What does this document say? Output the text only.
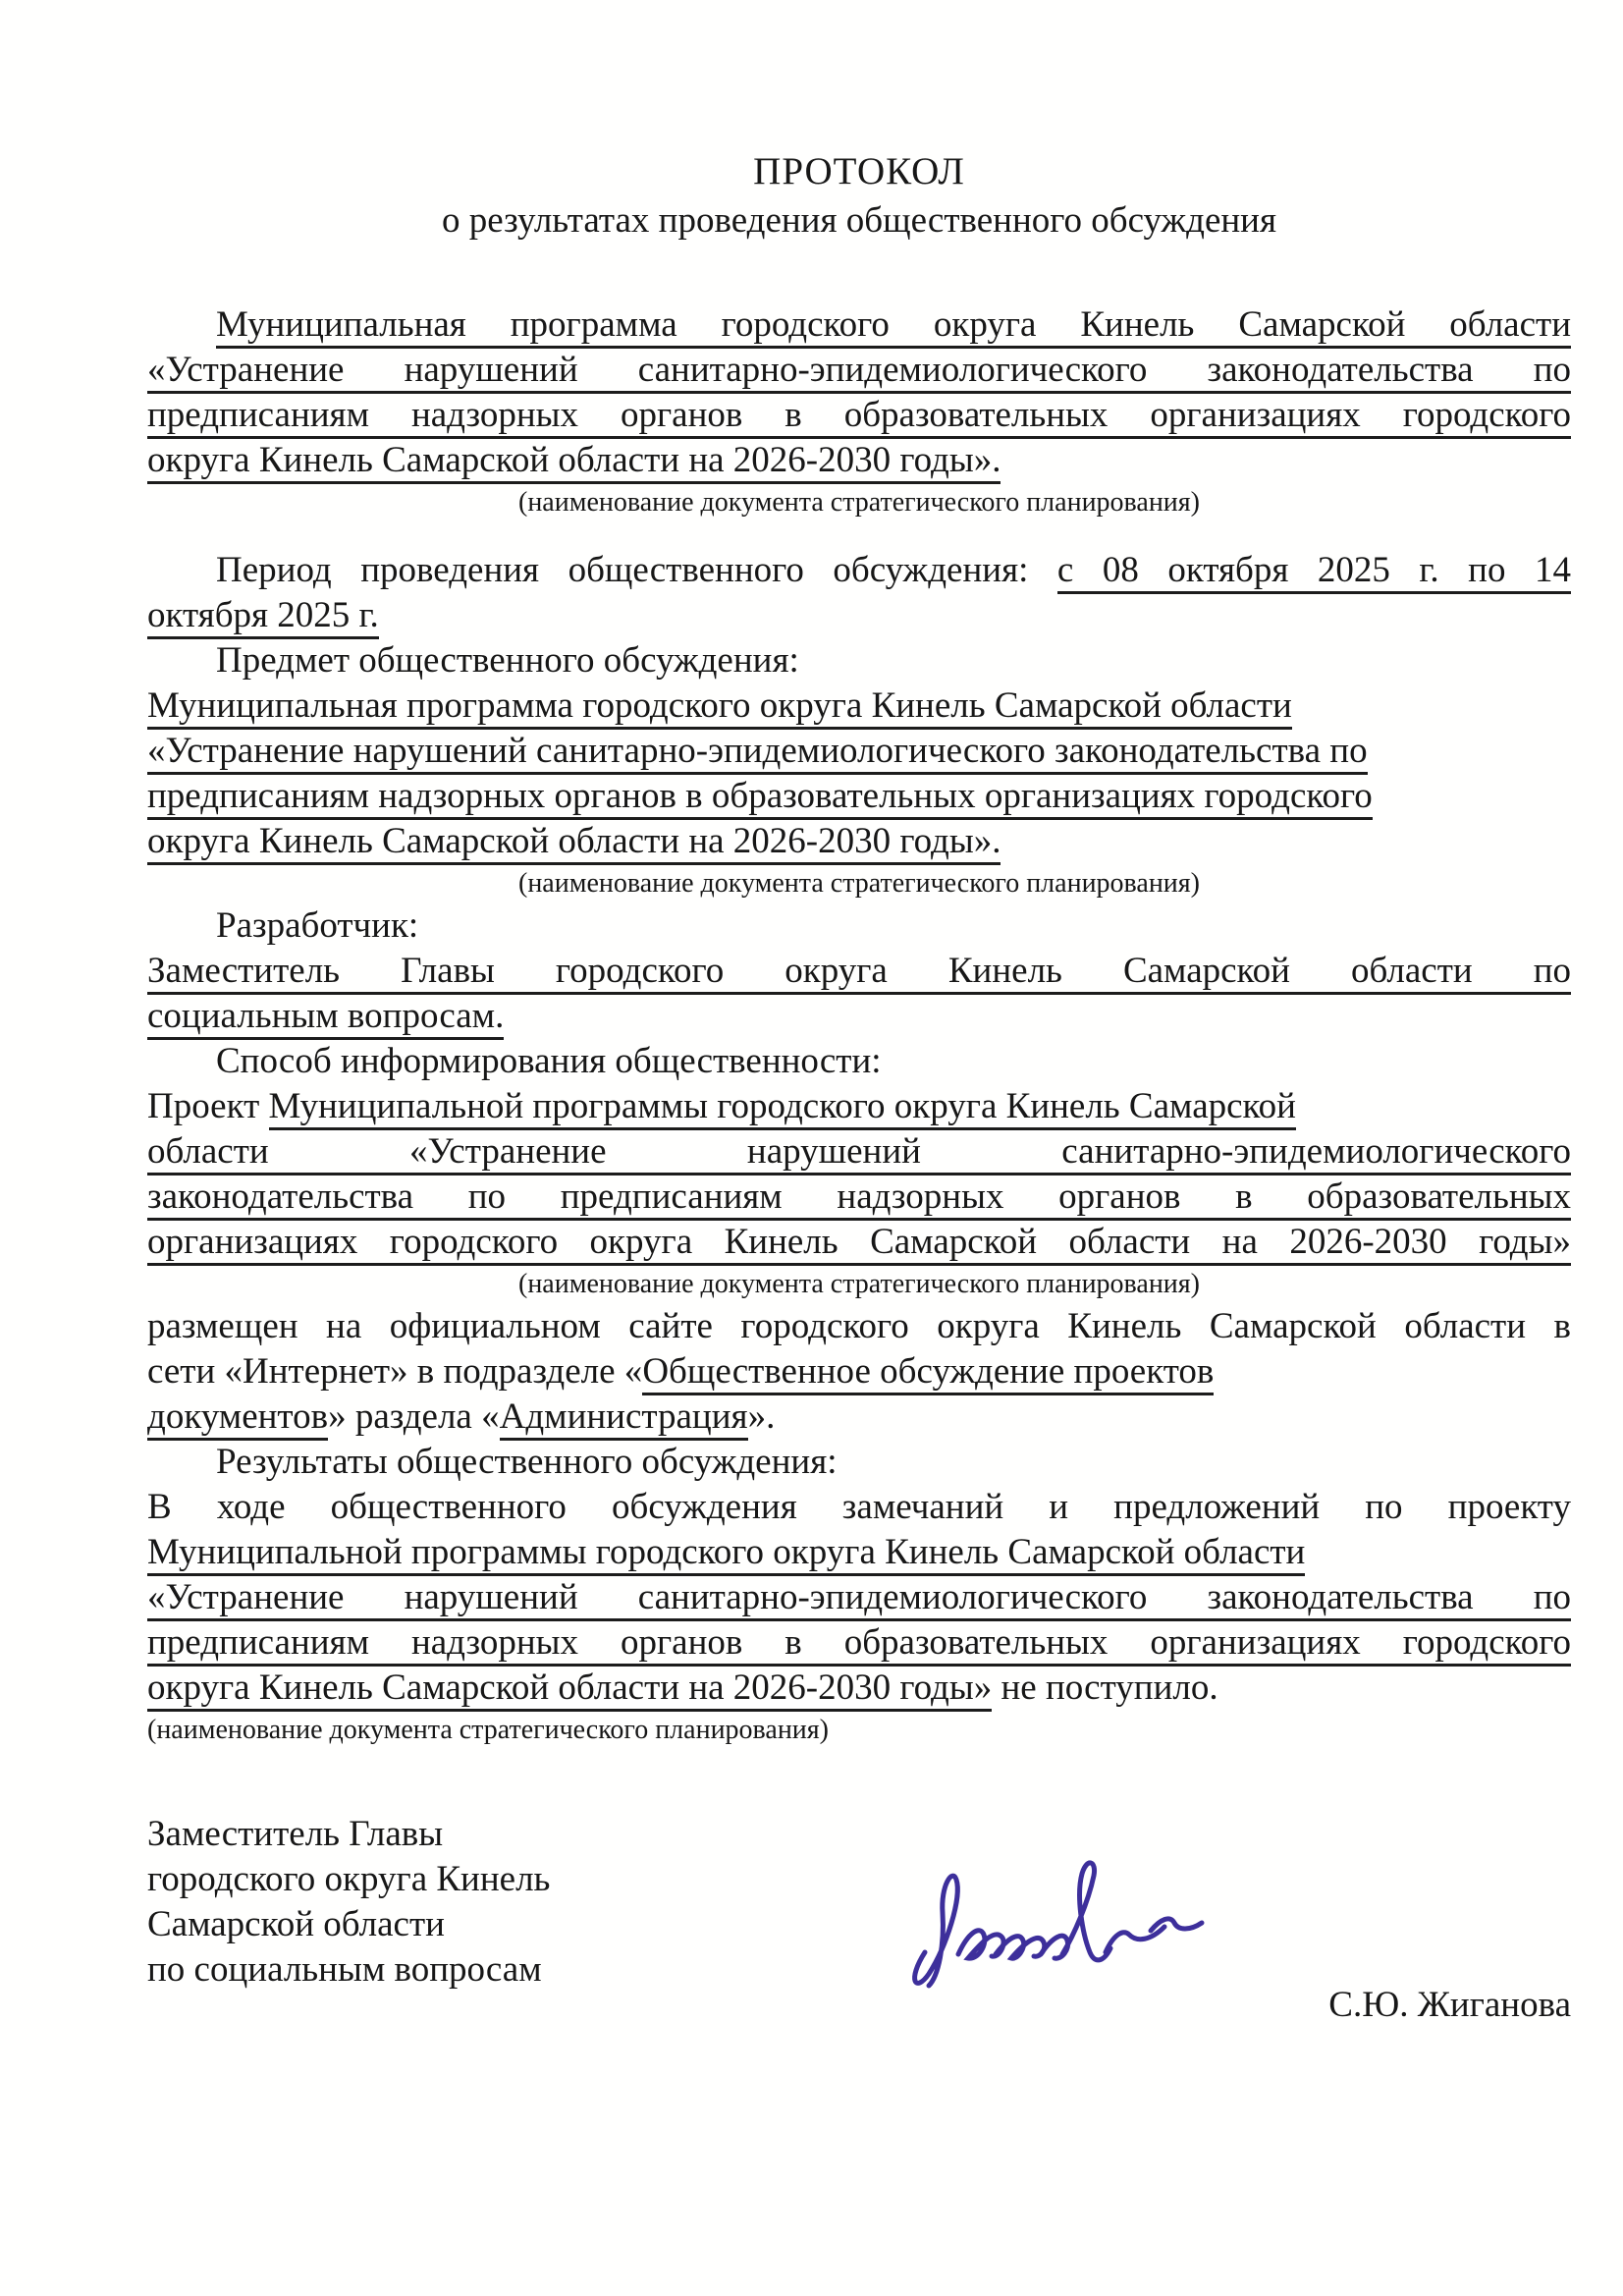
ПРОТОКОЛ
о результатах проведения общественного обсуждения
Муниципальная программа городского округа Кинель Самарской области
«Устранение нарушений санитарно-эпидемиологического законодательства по
предписаниям надзорных органов в образовательных организациях городского
округа Кинель Самарской области на 2026-2030 годы».
(наименование документа стратегического планирования)
Период проведения общественного обсуждения: с 08 октября 2025 г. по 14
октября 2025 г.
Предмет общественного обсуждения:
Муниципальная программа городского округа Кинель Самарской области
«Устранение нарушений санитарно-эпидемиологического законодательства по
предписаниям надзорных органов в образовательных организациях городского
округа Кинель Самарской области на 2026-2030 годы».
(наименование документа стратегического планирования)
Разработчик:
Заместитель Главы городского округа Кинель Самарской области по
социальным вопросам.
Способ информирования общественности:
Проект Муниципальной программы городского округа Кинель Самарской
области «Устранение нарушений санитарно-эпидемиологического
законодательства по предписаниям надзорных органов в образовательных
организациях городского округа Кинель Самарской области на 2026-2030 годы»
(наименование документа стратегического планирования)
размещен на официальном сайте городского округа Кинель Самарской области в
сети «Интернет» в подразделе «Общественное обсуждение проектов
документов» раздела «Администрация».
Результаты общественного обсуждения:
В ходе общественного обсуждения замечаний и предложений по проекту
Муниципальной программы городского округа Кинель Самарской области
«Устранение нарушений санитарно-эпидемиологического законодательства по
предписаниям надзорных органов в образовательных организациях городского
округа Кинель Самарской области на 2026-2030 годы» не поступило.
(наименование документа стратегического планирования)
Заместитель Главы
городского округа Кинель
Самарской области
по социальным вопросам
С.Ю. Жиганова
